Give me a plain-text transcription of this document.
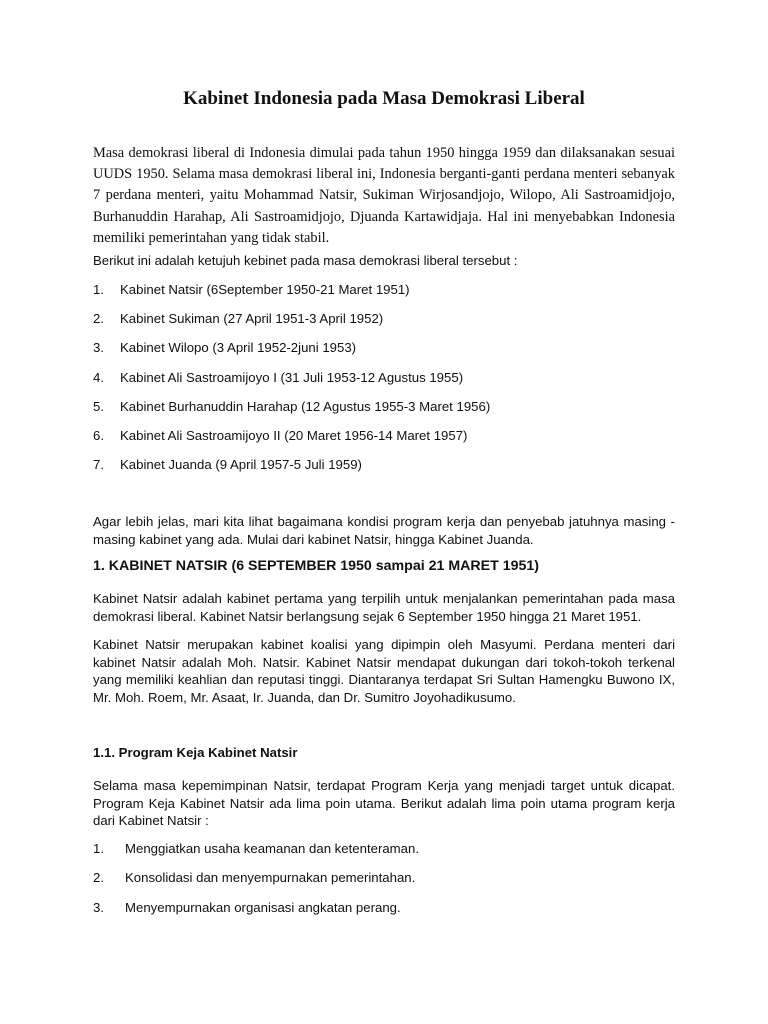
Kabinet Indonesia pada Masa Demokrasi Liberal

Masa demokrasi liberal di Indonesia dimulai pada tahun 1950 hingga 1959 dan dilaksanakan sesuai UUDS 1950. Selama masa demokrasi liberal ini, Indonesia berganti-ganti perdana menteri sebanyak 7 perdana menteri, yaitu Mohammad Natsir, Sukiman Wirjosandjojo, Wilopo, Ali Sastroamidjojo, Burhanuddin Harahap, Ali Sastroamidjojo, Djuanda Kartawidjaja. Hal ini menyebabkan Indonesia memiliki pemerintahan yang tidak stabil.

Berikut ini adalah ketujuh kebinet pada masa demokrasi liberal tersebut :

1. Kabinet Natsir (6September 1950-21 Maret 1951)
2. Kabinet Sukiman (27 April 1951-3 April 1952)
3. Kabinet Wilopo (3 April 1952-2juni 1953)
4. Kabinet Ali Sastroamijoyo I (31 Juli 1953-12 Agustus 1955)
5. Kabinet Burhanuddin Harahap (12 Agustus 1955-3 Maret 1956)
6. Kabinet Ali Sastroamijoyo II (20 Maret 1956-14 Maret 1957)
7. Kabinet Juanda (9 April 1957-5 Juli 1959)

Agar lebih jelas, mari kita lihat bagaimana kondisi program kerja dan penyebab jatuhnya masing -masing kabinet yang ada. Mulai dari kabinet Natsir, hingga Kabinet Juanda.

1. KABINET NATSIR (6 SEPTEMBER 1950 sampai 21 MARET 1951)

Kabinet Natsir adalah kabinet pertama yang terpilih untuk menjalankan pemerintahan pada masa demokrasi liberal. Kabinet Natsir berlangsung sejak 6 September 1950 hingga 21 Maret 1951.

Kabinet Natsir merupakan kabinet koalisi yang dipimpin oleh Masyumi. Perdana menteri dari kabinet Natsir adalah Moh. Natsir. Kabinet Natsir mendapat dukungan dari tokoh-tokoh terkenal yang memiliki keahlian dan reputasi tinggi. Diantaranya terdapat Sri Sultan Hamengku Buwono IX, Mr. Moh. Roem, Mr. Asaat, Ir. Juanda, dan Dr. Sumitro Joyohadikusumo.

1.1. Program Keja Kabinet Natsir

Selama masa kepemimpinan Natsir, terdapat Program Kerja yang menjadi target untuk dicapat. Program Keja Kabinet Natsir ada lima poin utama. Berikut adalah lima poin utama program kerja dari Kabinet Natsir :

1. Menggiatkan usaha keamanan dan ketenteraman.
2. Konsolidasi dan menyempurnakan pemerintahan.
3. Menyempurnakan organisasi angkatan perang.
